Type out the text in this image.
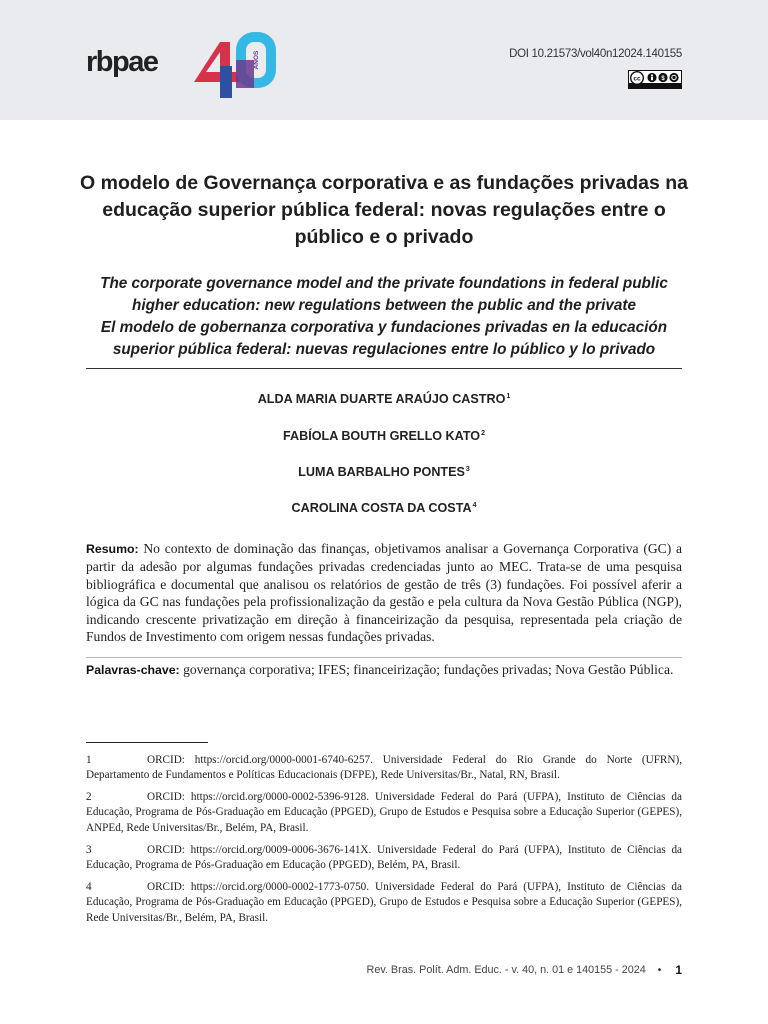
rbpae	ANOS	DOI 10.21573/vol40n12024.140155
cc	$
O modelo de Governança corporativa e as fundações privadas na educação superior pública federal: novas regulações entre o público e o privado
The corporate governance model and the private foundations in federal public higher education: new regulations between the public and the private
El modelo de gobernanza corporativa y fundaciones privadas en la educación superior pública federal: nuevas regulaciones entre lo público y lo privado
ALDA MARIA DUARTE ARAÚJO CASTRO$^1$
FABÍOLA BOUTH GRELLO KATO$^2$
LUMA BARBALHO PONTES$^3$
CAROLINA COSTA DA COSTA$^4$

Resumo: No contexto de dominação das finanças, objetivamos analisar a Governança Corporativa (GC) a partir da adesão por algumas fundações privadas credenciadas junto ao MEC. Trata-se de uma pesquisa bibliográfica e documental que analisou os relatórios de gestão de três (3) fundações. Foi possível aferir a lógica da GC nas fundações pela profissionalização da gestão e pela cultura da Nova Gestão Pública (NGP), indicando crescente privatização em direção à financeirização da pesquisa, representada pela criação de Fundos de Investimento com origem nessas fundações privadas.

Palavras-chave: governança corporativa; IFES; financeirização; fundações privadas; Nova Gestão Pública.

1	ORCID: https://orcid.org/0000-0001-6740-6257. Universidade Federal do Rio Grande do Norte (UFRN), Departamento de Fundamentos e Políticas Educacionais (DFPE), Rede Universitas/Br., Natal, RN, Brasil.

2	ORCID: https://orcid.org/0000-0002-5396-9128. Universidade Federal do Pará (UFPA), Instituto de Ciências da Educação, Programa de Pós-Graduação em Educação (PPGED), Grupo de Estudos e Pesquisa sobre a Educação Superior (GEPES), ANPEd, Rede Universitas/Br., Belém, PA, Brasil.

3	ORCID: https://orcid.org/0009-0006-3676-141X. Universidade Federal do Pará (UFPA), Instituto de Ciências da Educação, Programa de Pós-Graduação em Educação (PPGED), Belém, PA, Brasil.

4	ORCID: https://orcid.org/0000-0002-1773-0750. Universidade Federal do Pará (UFPA), Instituto de Ciências da Educação, Programa de Pós-Graduação em Educação (PPGED), Grupo de Estudos e Pesquisa sobre a Educação Superior (GEPES), Rede Universitas/Br., Belém, PA, Brasil.

Rev. Bras. Polít. Adm. Educ. - v. 40, n. 01 e 140155 - 2024 • 1
